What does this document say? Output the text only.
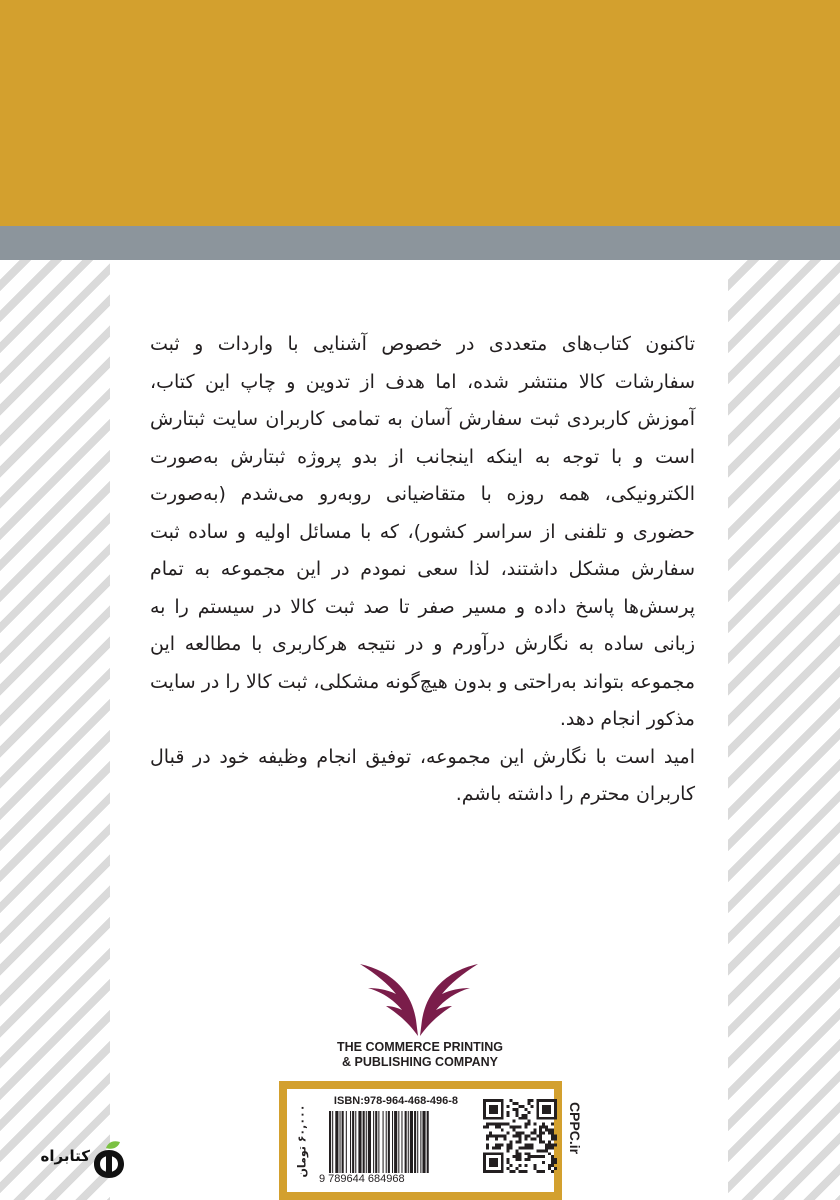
تاکنون کتاب‌های متعددی در خصوص آشنایی با واردات و ثبت سفارشات کالا منتشر شده، اما هدف از تدوین و چاپ این کتاب، آموزش کاربردی ثبت سفارش آسان به تمامی کاربران سایت ثبتارش است و با توجه به اینکه اینجانب از بدو پروژه ثبتارش به‌صورت الکترونیکی، همه روزه با متقاضیانی روبه‌رو می‌شدم (به‌صورت حضوری و تلفنی از سراسر کشور)، که با مسائل اولیه و ساده ثبت سفارش مشکل داشتند، لذا سعی نمودم در این مجموعه به تمام پرسش‌ها پاسخ داده و مسیر صفر تا صد ثبت کالا در سیستم را به زبانی ساده به نگارش درآورم و در نتیجه هرکاربری با مطالعه این مجموعه بتواند به‌راحتی و بدون هیچ‌گونه مشکلی، ثبت کالا را در سایت مذکور انجام دهد.

امید است با نگارش این مجموعه، توفیق انجام وظیفه خود در قبال کاربران محترم را داشته باشم.

THE COMMERCE PRINTING
& PUBLISHING COMPANY
۶۰,۰۰۰ تومان
ISBN:978-964-468-496-8
9 789644 684968
CPPC.ir
کتابراه
